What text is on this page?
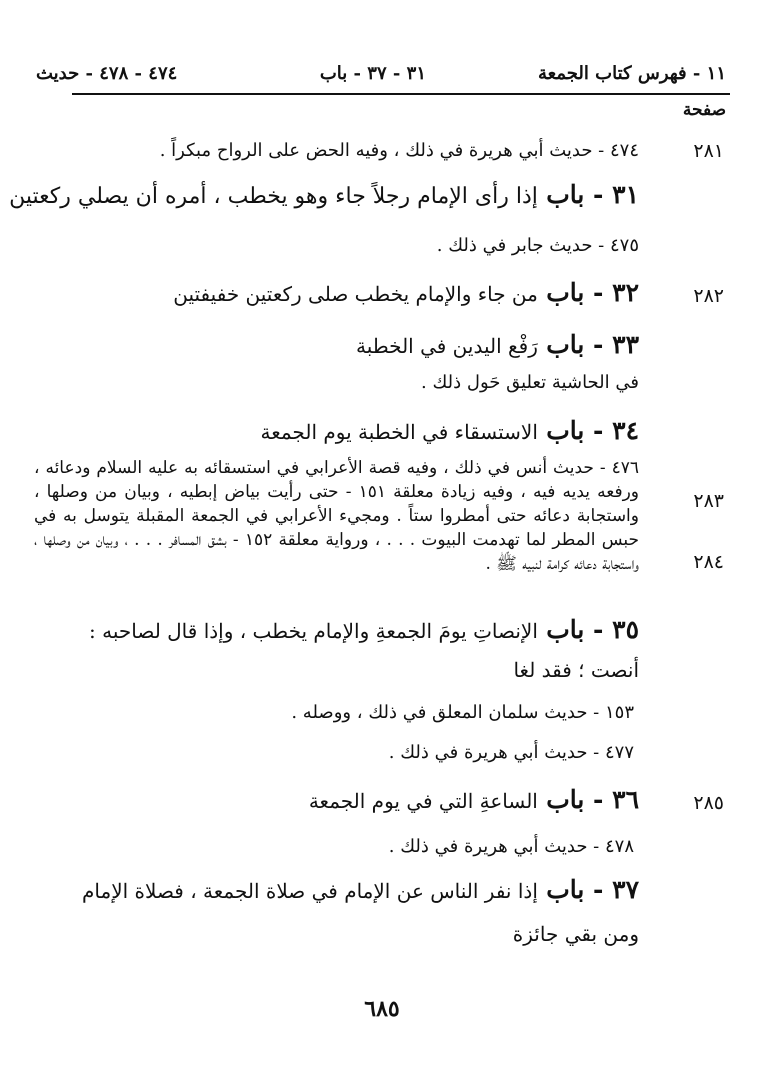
١١ - فهرس كتاب الجمعة
٣١ - ٣٧ - باب
٤٧٤ - ٤٧٨ - حديث
صفحة
٢٨١
٤٧٤ - حديث أبي هريرة في ذلك ، وفيه الحض على الرواح مبكراً .
٣١ - باب إذا رأى الإمام رجلاً جاء وهو يخطب ، أمره أن يصلي ركعتين
٤٧٥ - حديث جابر في ذلك .
٢٨٢
٣٢ - باب من جاء والإمام يخطب صلى ركعتين خفيفتين
٣٣ - باب رَفْع اليدين في الخطبة
في الحاشية تعليق حَول ذلك .
٣٤ - باب الاستسقاء في الخطبة يوم الجمعة
٢٨٣
٢٨٤
٤٧٦ - حديث أنس في ذلك ، وفيه قصة الأعرابي في استسقائه به عليه السلام ودعائه ، ورفعه يديه فيه ، وفيه زيادة معلقة ١٥١ - حتى رأيت بياض إبطيه ، وبيان من وصلها ، واستجابة دعائه حتى أمطروا ستاً . ومجيء الأعرابي في الجمعة المقبلة يتوسل به في حبس المطر لما تهدمت البيوت . . . ، ورواية معلقة ١٥٢ - بشق المسافر . . . ، وبيان من وصلها ، واستجابة دعائه كرامة لنبيه ﷺ .
٣٥ - باب الإنصاتِ يومَ الجمعةِ والإمام يخطب ، وإذا قال لصاحبه :
أنصت ؛ فقد لغا
١٥٣ - حديث سلمان المعلق في ذلك ، ووصله .
٤٧٧ - حديث أبي هريرة في ذلك .
٢٨٥
٣٦ - باب الساعةِ التي في يوم الجمعة
٤٧٨ - حديث أبي هريرة في ذلك .
٣٧ - باب إذا نفر الناس عن الإمام في صلاة الجمعة ، فصلاة الإمام
ومن بقي جائزة
٦٨٥
